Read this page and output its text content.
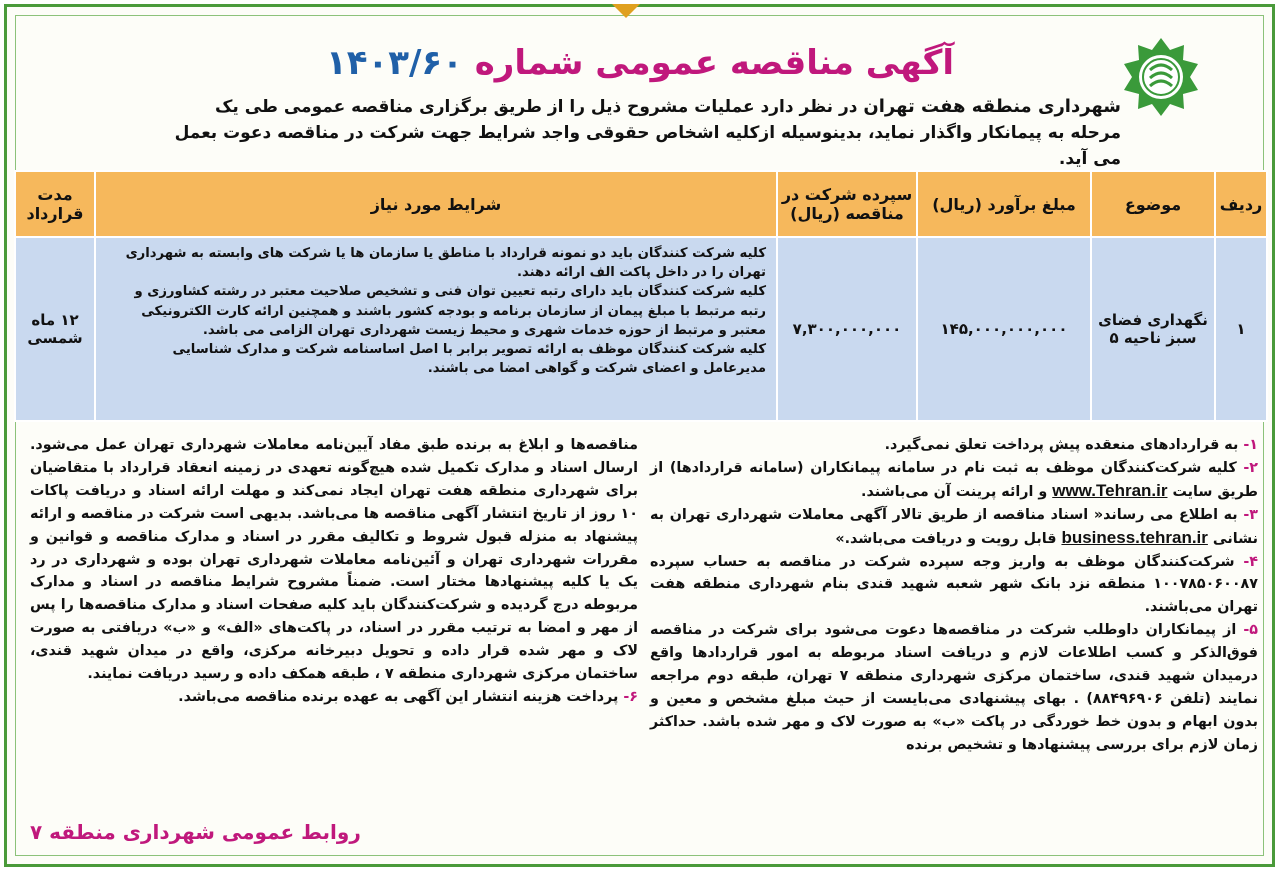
آگهی مناقصه عمومی شماره ۱۴۰۳/۶۰
شهرداری منطقه هفت تهران در نظر دارد عملیات مشروح ذیل را از طریق برگزاری مناقصه عمومی طی یک مرحله به پیمانکار واگذار نماید، بدینوسیله ازکلیه اشخاص حقوقی واجد شرایط جهت شرکت در مناقصه دعوت بعمل می آید.
ردیف	موضوع	مبلغ برآورد (ریال)	سپرده شرکت در مناقصه (ریال)	شرایط مورد نیاز	مدت قرارداد
۱	نگهداری فضای سبز ناحیه ۵	۱۴۵,۰۰۰,۰۰۰,۰۰۰	۷,۳۰۰,۰۰۰,۰۰۰	کلیه شرکت کنندگان باید دو نمونه قرارداد با مناطق یا سازمان ها یا شرکت های وابسته به شهرداری تهران را در داخل پاکت الف ارائه دهند.

کلیه شرکت کنندگان باید دارای رتبه تعیین توان فنی و تشخیص صلاحیت معتبر در رشته کشاورزی و رتبه مرتبط با مبلغ پیمان از سازمان برنامه و بودجه کشور باشند و همچنین ارائه کارت الکترونیکی معتبر و مرتبط از حوزه خدمات شهری و محیط زیست شهرداری تهران الزامی می باشد.

کلیه شرکت کنندگان موظف به ارائه تصویر برابر با اصل اساسنامه شرکت و مدارک شناسایی مدیرعامل و اعضای شرکت و گواهی امضا می باشند.	۱۲ ماه شمسی

۱- به قراردادهای منعقده پیش پرداخت تعلق نمی‌گیرد.

۲- کلیه شرکت‌کنندگان موظف به ثبت نام در سامانه پیمانکاران (سامانه قراردادها) از طریق سایت www.Tehran.ir و ارائه پرینت آن می‌باشند.

۳- به اطلاع می رساند« اسناد مناقصه از طریق تالار آگهی معاملات شهرداری تهران به نشانی business.tehran.ir قابل رویت و دریافت می‌باشد.»

۴- شرکت‌کنندگان موظف به واریز وجه سپرده شرکت در مناقصه به حساب سپرده ۱۰۰۷۸۵۰۶۰۰۸۷ منطقه نزد بانک شهر شعبه شهید قندی بنام شهرداری منطقه هفت تهران می‌باشند.

۵- از پیمانکاران داوطلب شرکت در مناقصه‌ها دعوت می‌شود برای شرکت در مناقصه فوق‌الذکر و کسب اطلاعات لازم و دریافت اسناد مربوطه به امور قراردادها واقع درمیدان شهید قندی، ساختمان مرکزی شهرداری منطقه ۷ تهران، طبقه دوم مراجعه نمایند (تلفن ۸۸۴۹۶۹۰۶) . بهای پیشنهادی می‌بایست از حیث مبلغ مشخص و معین و بدون ابهام و بدون خط خوردگی در پاکت «ب» به صورت لاک و مهر شده باشد. حداکثر زمان لازم برای بررسی پیشنهادها و تشخیص برنده

مناقصه‌ها و ابلاغ به برنده طبق مفاد آیین‌نامه معاملات شهرداری تهران عمل می‌شود. ارسال اسناد و مدارک تکمیل شده هیچ‌گونه تعهدی در زمینه انعقاد قرارداد با متقاضیان برای شهرداری منطقه هفت تهران ایجاد نمی‌کند و مهلت ارائه اسناد و دریافت پاکات ۱۰ روز از تاریخ انتشار آگهی مناقصه ها می‌باشد. بدیهی است شرکت در مناقصه و ارائه پیشنهاد به منزله قبول شروط و تکالیف مقرر در اسناد و مدارک مناقصه و قوانین و مقررات شهرداری تهران و آئین‌نامه معاملات شهرداری تهران بوده و شهرداری در رد یک یا کلیه پیشنهادها مختار است. ضمناً مشروح شرایط مناقصه در اسناد و مدارک مربوطه درج گردیده و شرکت‌کنندگان باید کلیه صفحات اسناد و مدارک مناقصه‌ها را پس از مهر و امضا به ترتیب مقرر در اسناد، در پاکت‌های «الف» و «ب» دریافتی به صورت لاک و مهر شده قرار داده و تحویل دبیرخانه مرکزی، واقع در میدان شهید قندی، ساختمان مرکزی شهرداری منطقه ۷ ، طبقه همکف داده و رسید دریافت نمایند.

۶- پرداخت هزینه انتشار این آگهی به عهده برنده مناقصه می‌باشد.

روابط عمومی شهرداری منطقه ۷
